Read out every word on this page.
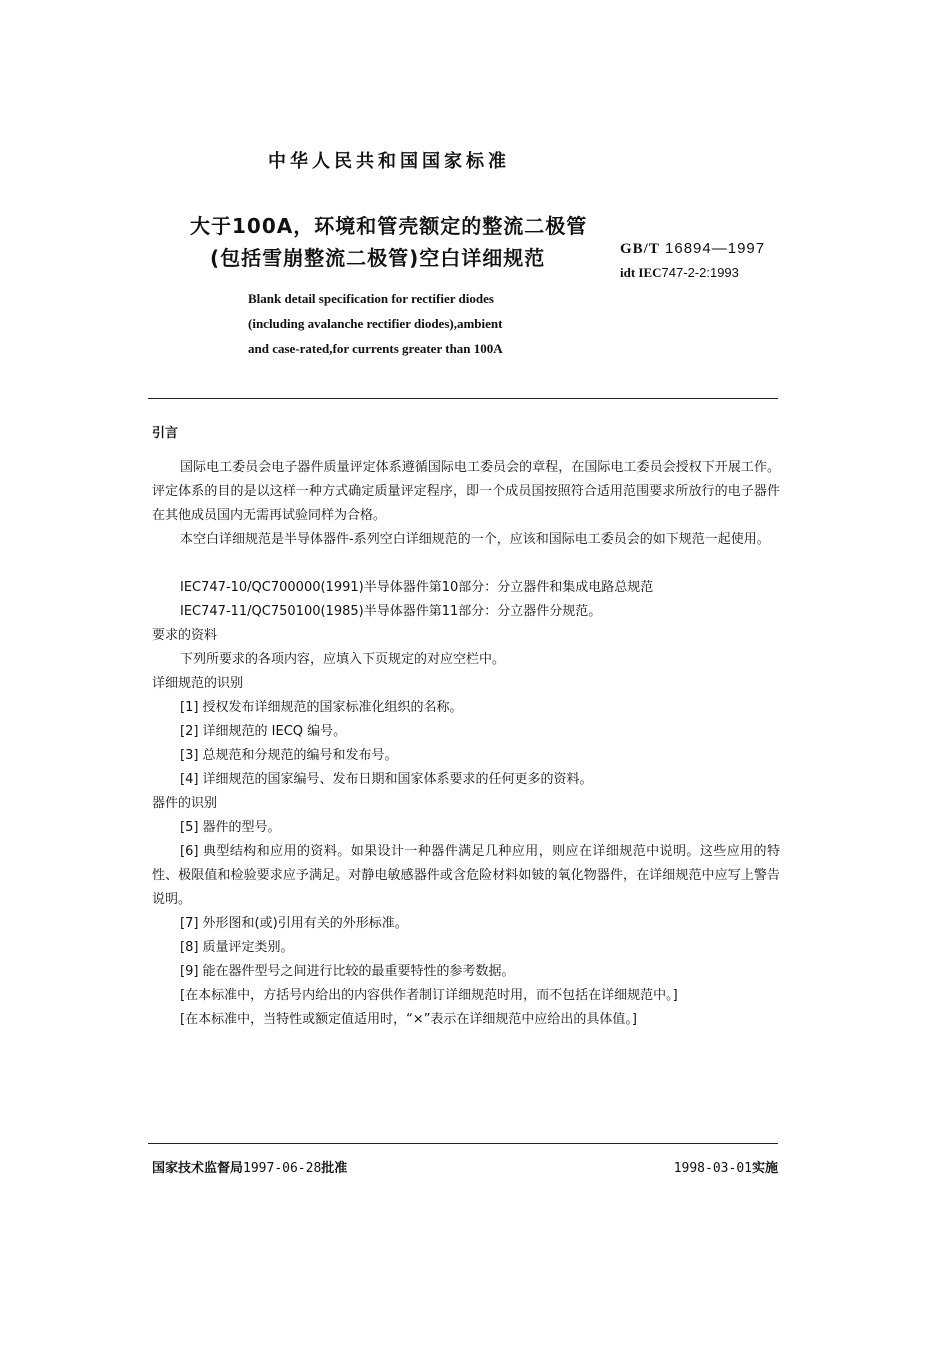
中华人民共和国国家标准
大于100A，环境和管壳额定的整流二极管
(包括雪崩整流二极管)空白详细规范	GB/T 16894—1997
idt IEC747-2-2:1993
Blank detail specification for rectifier diodes
(including avalanche rectifier diodes),ambient
and case-rated,for currents greater than 100A
引言

国际电工委员会电子器件质量评定体系遵循国际电工委员会的章程，在国际电工委员会授权下开展工作。评定体系的目的是以这样一种方式确定质量评定程序，即一个成员国按照符合适用范围要求所放行的电子器件在其他成员国内无需再试验同样为合格。

本空白详细规范是半导体器件-系列空白详细规范的一个，应该和国际电工委员会的如下规范一起使用。

IEC747-10/QC700000(1991)半导体器件第10部分：分立器件和集成电路总规范
IEC747-11/QC750100(1985)半导体器件第11部分：分立器件分规范。
要求的资料
下列所要求的各项内容，应填入下页规定的对应空栏中。
详细规范的识别
[1] 授权发布详细规范的国家标准化组织的名称。
[2] 详细规范的 IECQ 编号。
[3] 总规范和分规范的编号和发布号。
[4] 详细规范的国家编号、发布日期和国家体系要求的任何更多的资料。
器件的识别
[5] 器件的型号。

[6] 典型结构和应用的资料。如果设计一种器件满足几种应用，则应在详细规范中说明。这些应用的特性、极限值和检验要求应予满足。对静电敏感器件或含危险材料如铍的氧化物器件，在详细规范中应写上警告说明。

[7] 外形图和(或)引用有关的外形标准。
[8] 质量评定类别。
[9] 能在器件型号之间进行比较的最重要特性的参考数据。
[在本标准中，方括号内给出的内容供作者制订详细规范时用，而不包括在详细规范中。]
[在本标准中，当特性或额定值适用时，“×”表示在详细规范中应给出的具体值。]
国家技术监督局1997-06-28批准	1998-03-01实施
